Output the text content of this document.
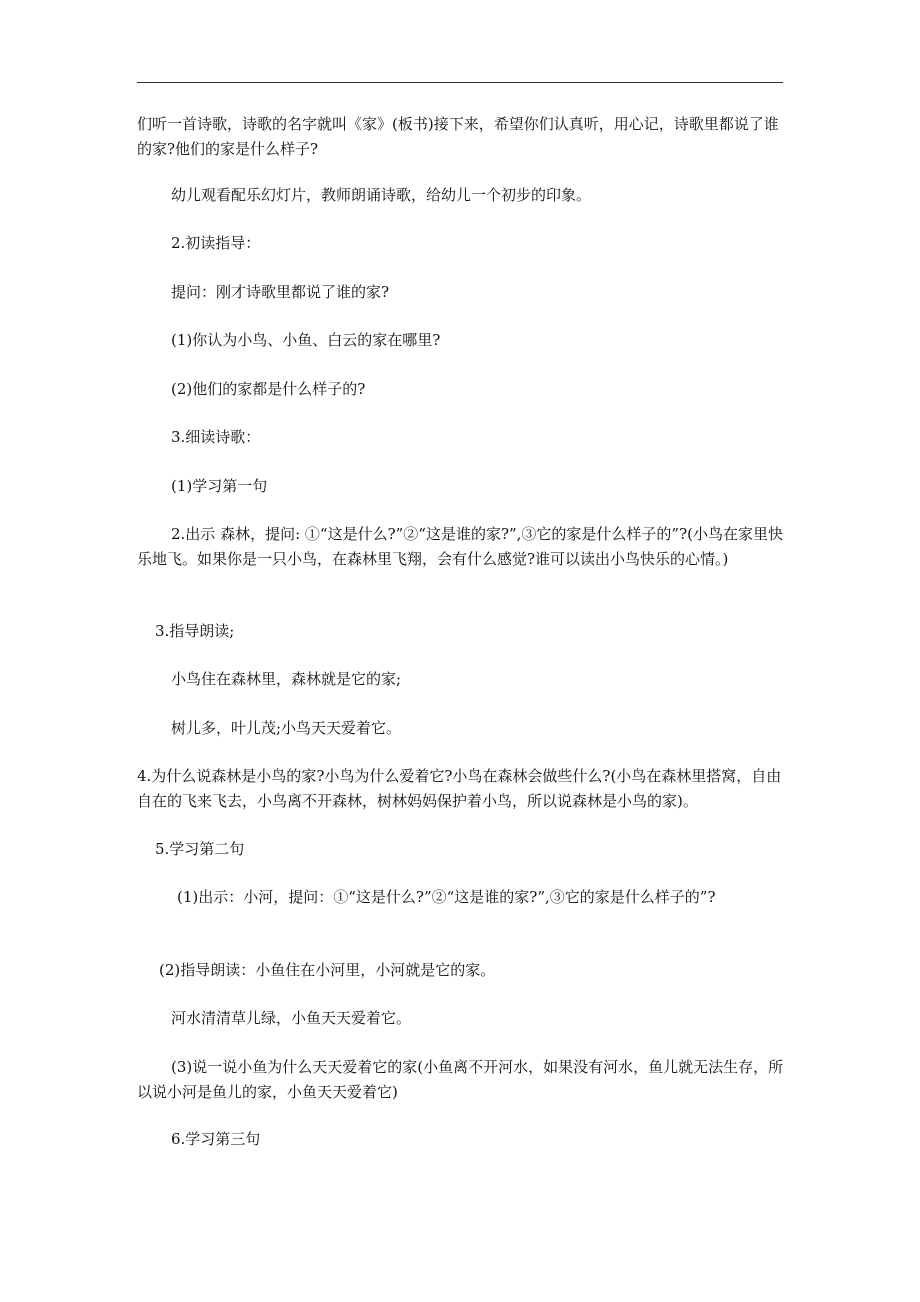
们听一首诗歌，诗歌的名字就叫《家》(板书)接下来，希望你们认真听，用心记，诗歌里都说了谁的家?他们的家是什么样子?

幼儿观看配乐幻灯片，教师朗诵诗歌，给幼儿一个初步的印象。

2.初读指导：

提问：刚才诗歌里都说了谁的家?

(1)你认为小鸟、小鱼、白云的家在哪里?

(2)他们的家都是什么样子的?

3.细读诗歌：

(1)学习第一句

2.出示 森林，提问: ①“这是什么?”②“这是谁的家?”,③它的家是什么样子的”?(小鸟在家里快乐地飞。如果你是一只小鸟，在森林里飞翔，会有什么感觉?谁可以读出小鸟快乐的心情。)

3.指导朗读;

小鸟住在森林里，森林就是它的家;

树儿多，叶儿茂;小鸟天天爱着它。

4.为什么说森林是小鸟的家?小鸟为什么爱着它?小鸟在森林会做些什么?(小鸟在森林里搭窝，自由自在的飞来飞去，小鸟离不开森林，树林妈妈保护着小鸟，所以说森林是小鸟的家)。

5.学习第二句

(1)出示：小河，提问：①“这是什么?”②“这是谁的家?”,③它的家是什么样子的”?

(2)指导朗读：小鱼住在小河里，小河就是它的家。

河水清清草儿绿，小鱼天天爱着它。

(3)说一说小鱼为什么天天爱着它的家(小鱼离不开河水，如果没有河水，鱼儿就无法生存，所以说小河是鱼儿的家，小鱼天天爱着它)

6.学习第三句
